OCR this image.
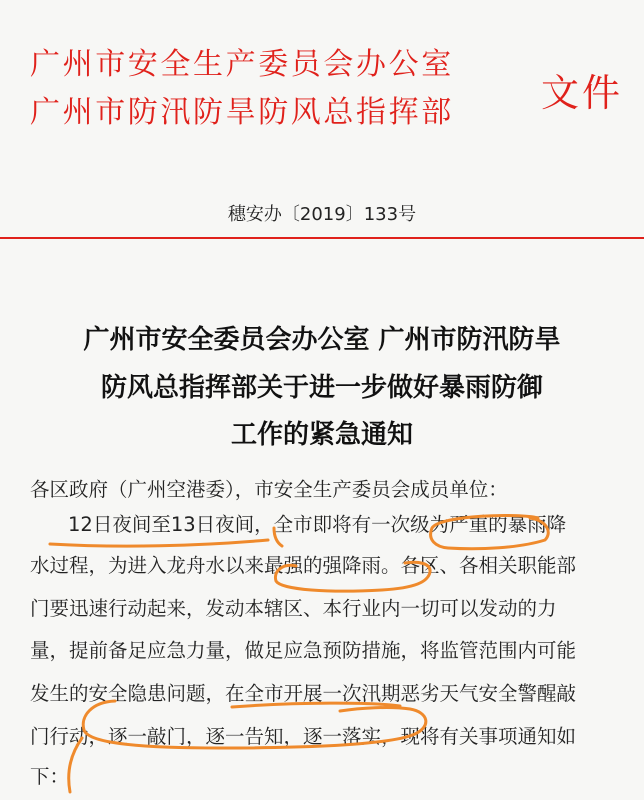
广州市安全生产委员会办公室
广州市防汛防旱防风总指挥部 文件
穗安办〔2019〕133号
广州市安全委员会办公室 广州市防汛防旱
防风总指挥部关于进一步做好暴雨防御
工作的紧急通知
各区政府（广州空港委），市安全生产委员会成员单位：
12日夜间至13日夜间，全市即将有一次级为严重的暴雨降
水过程，为进入龙舟水以来最强的强降雨。各区、各相关职能部
门要迅速行动起来，发动本辖区、本行业内一切可以发动的力
量，提前备足应急力量，做足应急预防措施，将监管范围内可能
发生的安全隐患问题，在全市开展一次汛期恶劣天气安全警醒敲
门行动，逐一敲门，逐一告知，逐一落实，现将有关事项通知如
下：
